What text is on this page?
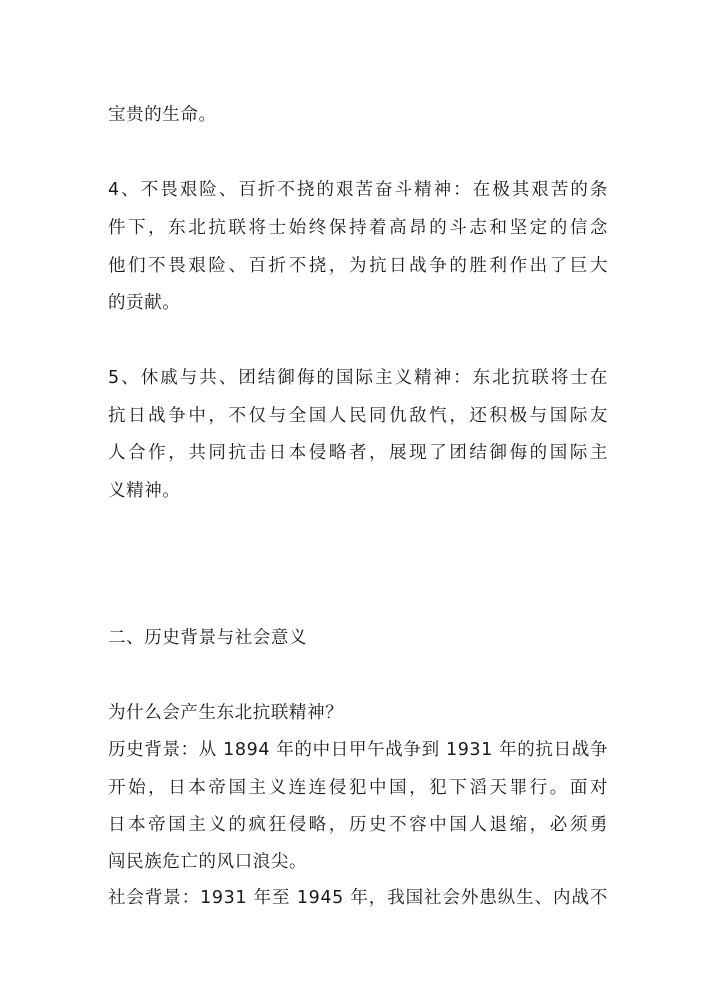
宝贵的生命。
4、不畏艰险、百折不挠的艰苦奋斗精神：在极其艰苦的条
件下，东北抗联将士始终保持着高昂的斗志和坚定的信念
他们不畏艰险、百折不挠，为抗日战争的胜利作出了巨大
的贡献。
5、休戚与共、团结御侮的国际主义精神：东北抗联将士在
抗日战争中，不仅与全国人民同仇敌忾，还积极与国际友
人合作，共同抗击日本侵略者，展现了团结御侮的国际主
义精神。
二、历史背景与社会意义
为什么会产生东北抗联精神？
历史背景：从 1894 年的中日甲午战争到 1931 年的抗日战争
开始，日本帝国主义连连侵犯中国，犯下滔天罪行。面对
日本帝国主义的疯狂侵略，历史不容中国人退缩，必须勇
闯民族危亡的风口浪尖。
社会背景：1931 年至 1945 年，我国社会外患纵生、内战不
